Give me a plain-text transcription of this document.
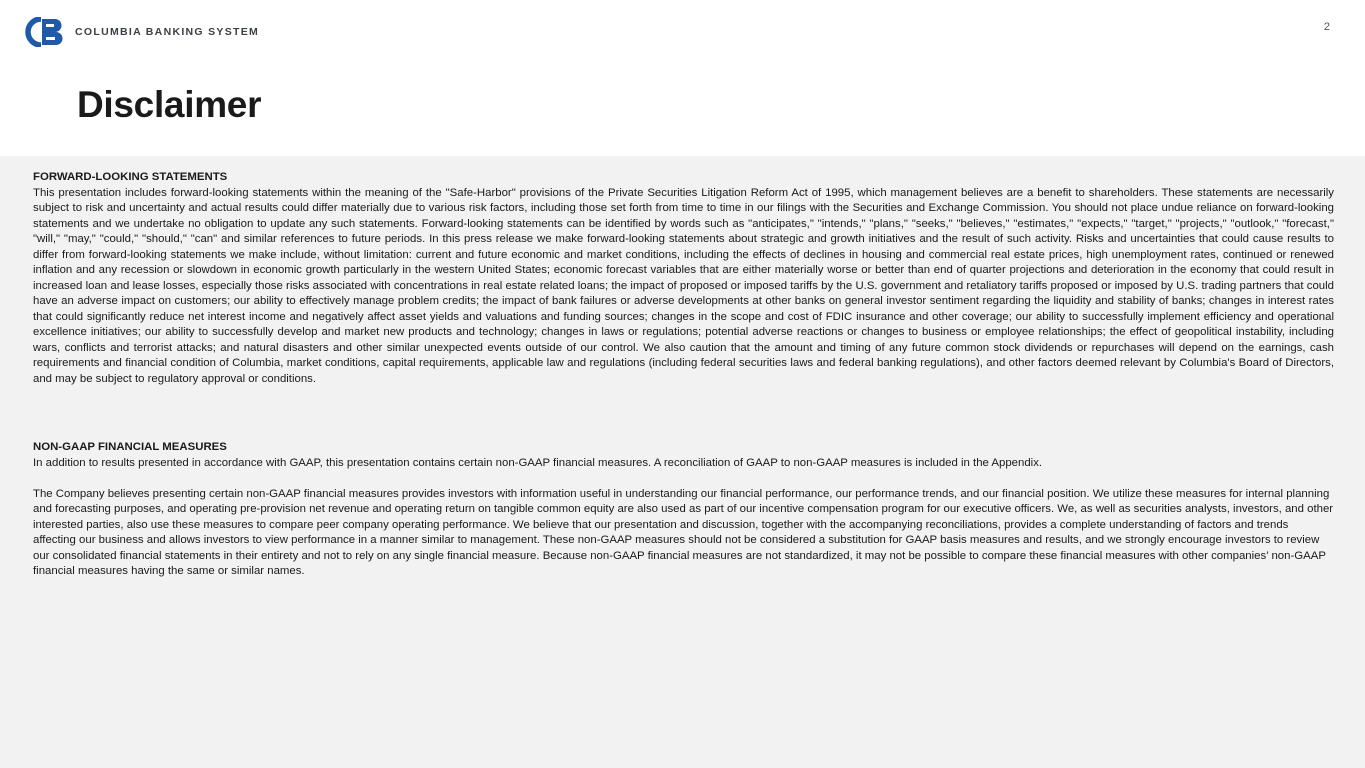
COLUMBIA BANKING SYSTEM	2
Disclaimer
FORWARD-LOOKING STATEMENTS

This presentation includes forward-looking statements within the meaning of the "Safe-Harbor" provisions of the Private Securities Litigation Reform Act of 1995, which management believes are a benefit to shareholders. These statements are necessarily subject to risk and uncertainty and actual results could differ materially due to various risk factors, including those set forth from time to time in our filings with the Securities and Exchange Commission. You should not place undue reliance on forward-looking statements and we undertake no obligation to update any such statements. Forward-looking statements can be identified by words such as "anticipates," "intends," "plans," "seeks," "believes," "estimates," "expects," "target," "projects," "outlook," "forecast," "will," "may," "could," "should," "can" and similar references to future periods. In this press release we make forward-looking statements about strategic and growth initiatives and the result of such activity. Risks and uncertainties that could cause results to differ from forward-looking statements we make include, without limitation: current and future economic and market conditions, including the effects of declines in housing and commercial real estate prices, high unemployment rates, continued or renewed inflation and any recession or slowdown in economic growth particularly in the western United States; economic forecast variables that are either materially worse or better than end of quarter projections and deterioration in the economy that could result in increased loan and lease losses, especially those risks associated with concentrations in real estate related loans; the impact of proposed or imposed tariffs by the U.S. government and retaliatory tariffs proposed or imposed by U.S. trading partners that could have an adverse impact on customers; our ability to effectively manage problem credits; the impact of bank failures or adverse developments at other banks on general investor sentiment regarding the liquidity and stability of banks; changes in interest rates that could significantly reduce net interest income and negatively affect asset yields and valuations and funding sources; changes in the scope and cost of FDIC insurance and other coverage; our ability to successfully implement efficiency and operational excellence initiatives; our ability to successfully develop and market new products and technology; changes in laws or regulations; potential adverse reactions or changes to business or employee relationships; the effect of geopolitical instability, including wars, conflicts and terrorist attacks; and natural disasters and other similar unexpected events outside of our control. We also caution that the amount and timing of any future common stock dividends or repurchases will depend on the earnings, cash requirements and financial condition of Columbia, market conditions, capital requirements, applicable law and regulations (including federal securities laws and federal banking regulations), and other factors deemed relevant by Columbia's Board of Directors, and may be subject to regulatory approval or conditions.

NON-GAAP FINANCIAL MEASURES

In addition to results presented in accordance with GAAP, this presentation contains certain non-GAAP financial measures. A reconciliation of GAAP to non-GAAP measures is included in the Appendix.

The Company believes presenting certain non-GAAP financial measures provides investors with information useful in understanding our financial performance, our performance trends, and our financial position. We utilize these measures for internal planning and forecasting purposes, and operating pre-provision net revenue and operating return on tangible common equity are also used as part of our incentive compensation program for our executive officers. We, as well as securities analysts, investors, and other interested parties, also use these measures to compare peer company operating performance. We believe that our presentation and discussion, together with the accompanying reconciliations, provides a complete understanding of factors and trends affecting our business and allows investors to view performance in a manner similar to management. These non-GAAP measures should not be considered a substitution for GAAP basis measures and results, and we strongly encourage investors to review our consolidated financial statements in their entirety and not to rely on any single financial measure. Because non-GAAP financial measures are not standardized, it may not be possible to compare these financial measures with other companies’ non-GAAP financial measures having the same or similar names.
